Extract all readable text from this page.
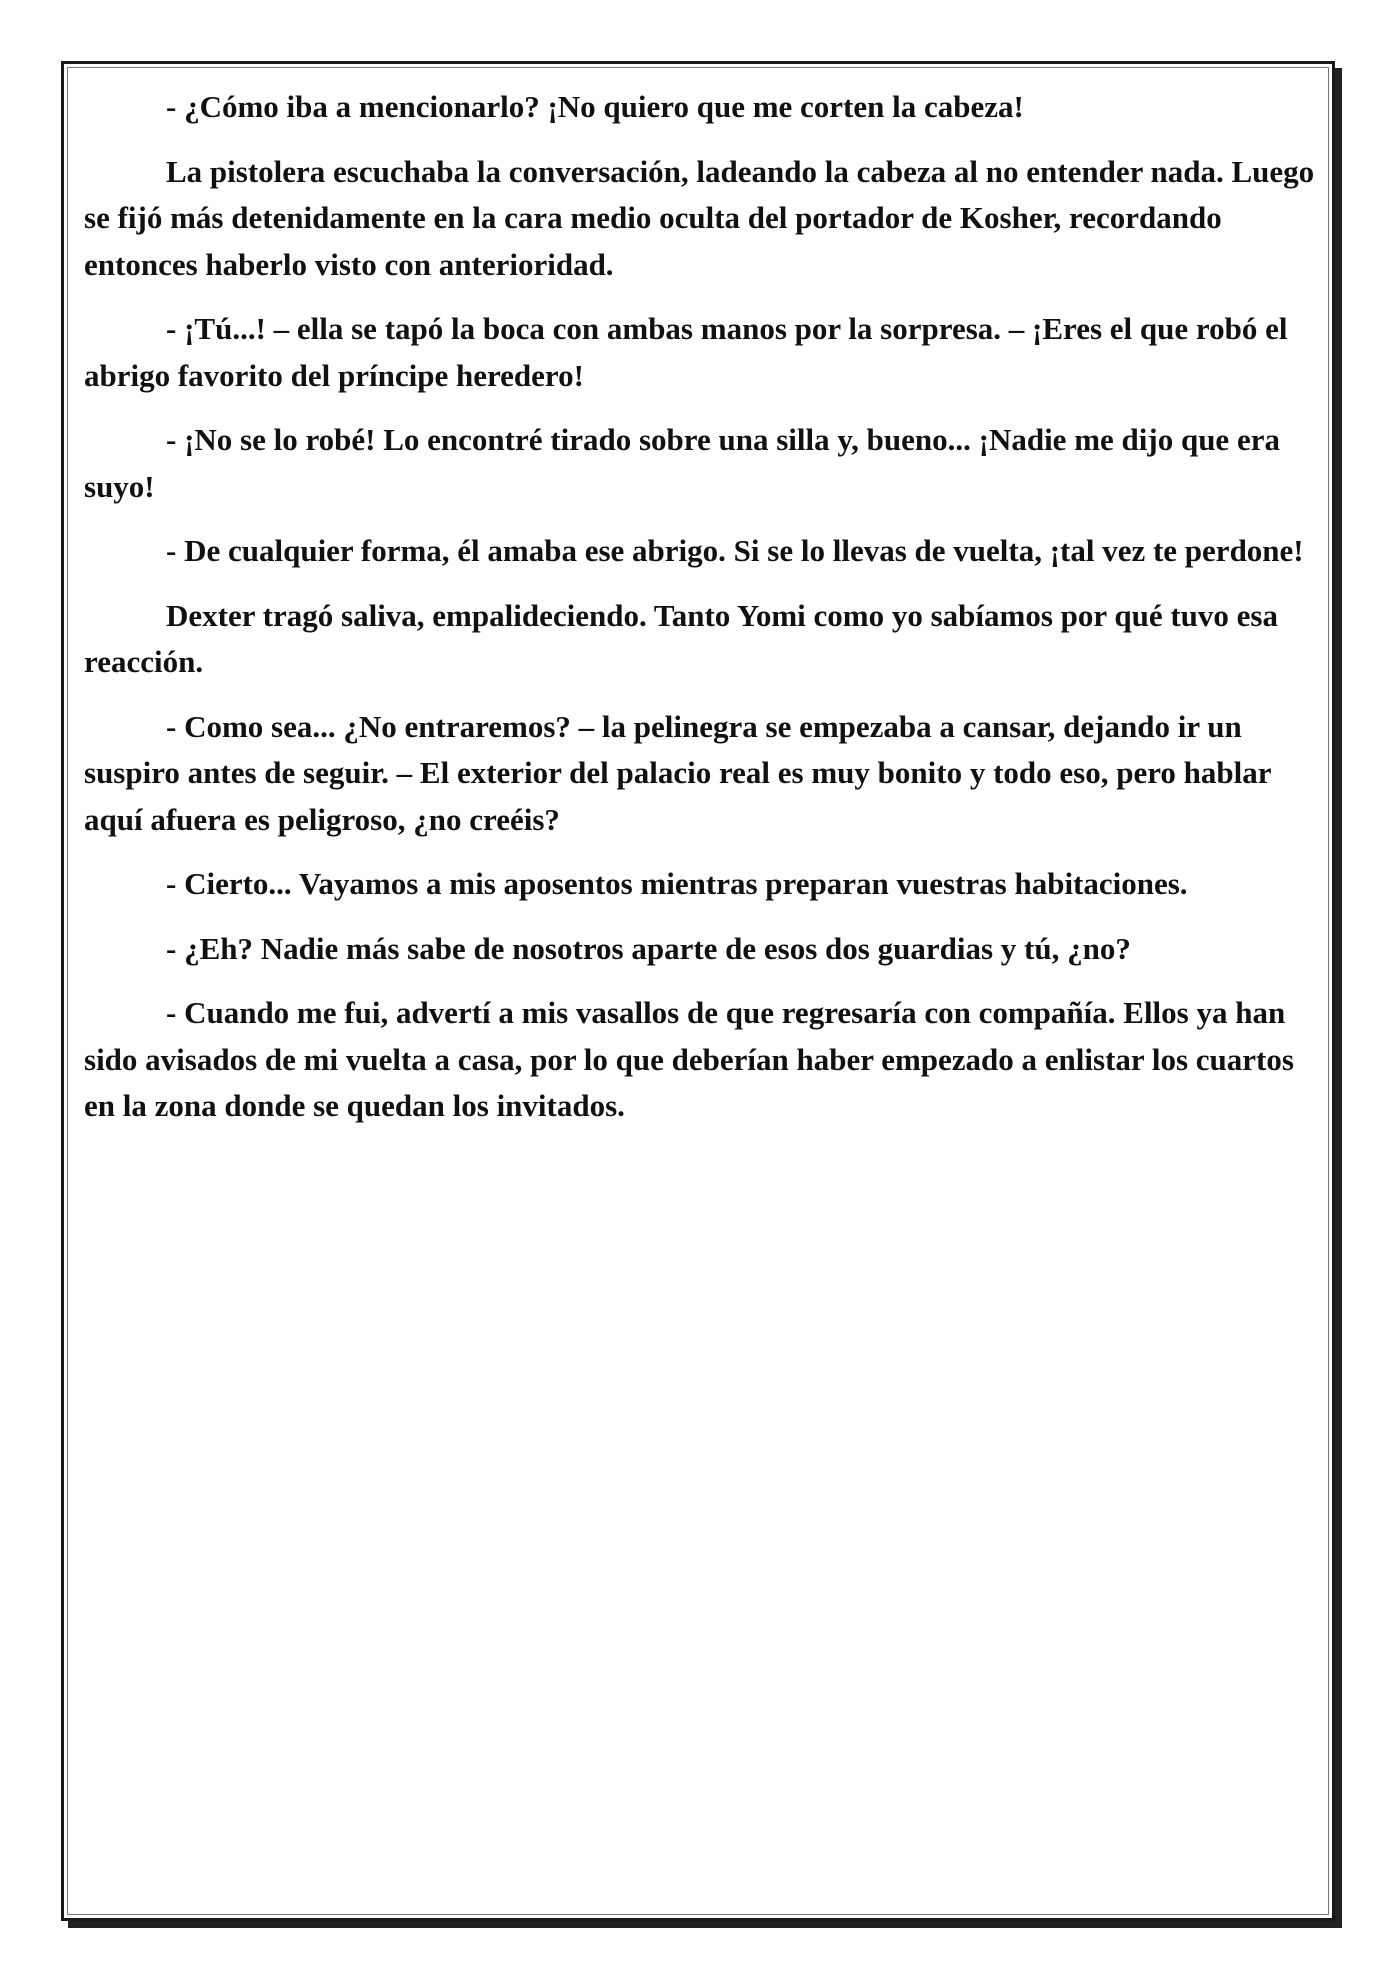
- ¿Cómo iba a mencionarlo? ¡No quiero que me corten la cabeza!

La pistolera escuchaba la conversación, ladeando la cabeza al no entender nada. Luego se fijó más detenidamente en la cara medio oculta del portador de Kosher, recordando entonces haberlo visto con anterioridad.

- ¡Tú...! – ella se tapó la boca con ambas manos por la sorpresa. – ¡Eres el que robó el abrigo favorito del príncipe heredero!

- ¡No se lo robé! Lo encontré tirado sobre una silla y, bueno... ¡Nadie me dijo que era suyo!

- De cualquier forma, él amaba ese abrigo. Si se lo llevas de vuelta, ¡tal vez te perdone!

Dexter tragó saliva, empalideciendo. Tanto Yomi como yo sabíamos por qué tuvo esa reacción.

- Como sea... ¿No entraremos? – la pelinegra se empezaba a cansar, dejando ir un suspiro antes de seguir. – El exterior del palacio real es muy bonito y todo eso, pero hablar aquí afuera es peligroso, ¿no creéis?

- Cierto... Vayamos a mis aposentos mientras preparan vuestras habitaciones.

- ¿Eh? Nadie más sabe de nosotros aparte de esos dos guardias y tú, ¿no?

- Cuando me fui, advertí a mis vasallos de que regresaría con compañía. Ellos ya han sido avisados de mi vuelta a casa, por lo que deberían haber empezado a enlistar los cuartos en la zona donde se quedan los invitados.
